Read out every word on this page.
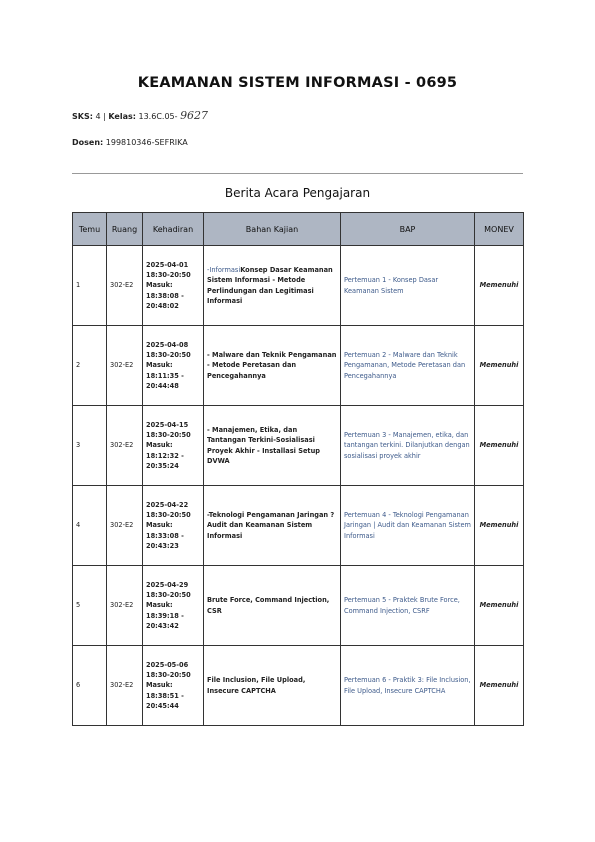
KEAMANAN SISTEM INFORMASI - 0695
SKS: 4 | Kelas: 13.6C.05- 9627
Dosen: 199810346-SEFRIKA
Berita Acara Pengajaran
Temu	Ruang	Kehadiran	Bahan Kajian	BAP	MONEV
1	302-E2	2025-04-01
18:30-20:50
Masuk:
18:38:08 -
20:48:02	-InformasiKonsep Dasar Keamanan Sistem Informasi - Metode Perlindungan dan Legitimasi Informasi	Pertemuan 1 - Konsep Dasar Keamanan Sistem	Memenuhi
2	302-E2	2025-04-08
18:30-20:50
Masuk:
18:11:35 -
20:44:48	- Malware dan Teknik Pengamanan - Metode Peretasan dan Pencegahannya	Pertemuan 2 - Malware dan Teknik Pengamanan, Metode Peretasan dan Pencegahannya	Memenuhi
3	302-E2	2025-04-15
18:30-20:50
Masuk:
18:12:32 -
20:35:24	- Manajemen, Etika, dan Tantangan Terkini-Sosialisasi Proyek Akhir - Installasi Setup DVWA	Pertemuan 3 - Manajemen, etika, dan tantangan terkini. Dilanjutkan dengan sosialisasi proyek akhir	Memenuhi
4	302-E2	2025-04-22
18:30-20:50
Masuk:
18:33:08 -
20:43:23	-Teknologi Pengamanan Jaringan ? Audit dan Keamanan Sistem Informasi	Pertemuan 4 - Teknologi Pengamanan Jaringan | Audit dan Keamanan Sistem Informasi	Memenuhi
5	302-E2	2025-04-29
18:30-20:50
Masuk:
18:39:18 -
20:43:42	Brute Force, Command Injection, CSR	Pertemuan 5 - Praktek Brute Force, Command Injection, CSRF	Memenuhi
6	302-E2	2025-05-06
18:30-20:50
Masuk:
18:38:51 -
20:45:44	File Inclusion, File Upload, Insecure CAPTCHA	Pertemuan 6 - Praktik 3: File Inclusion, File Upload, Insecure CAPTCHA	Memenuhi
